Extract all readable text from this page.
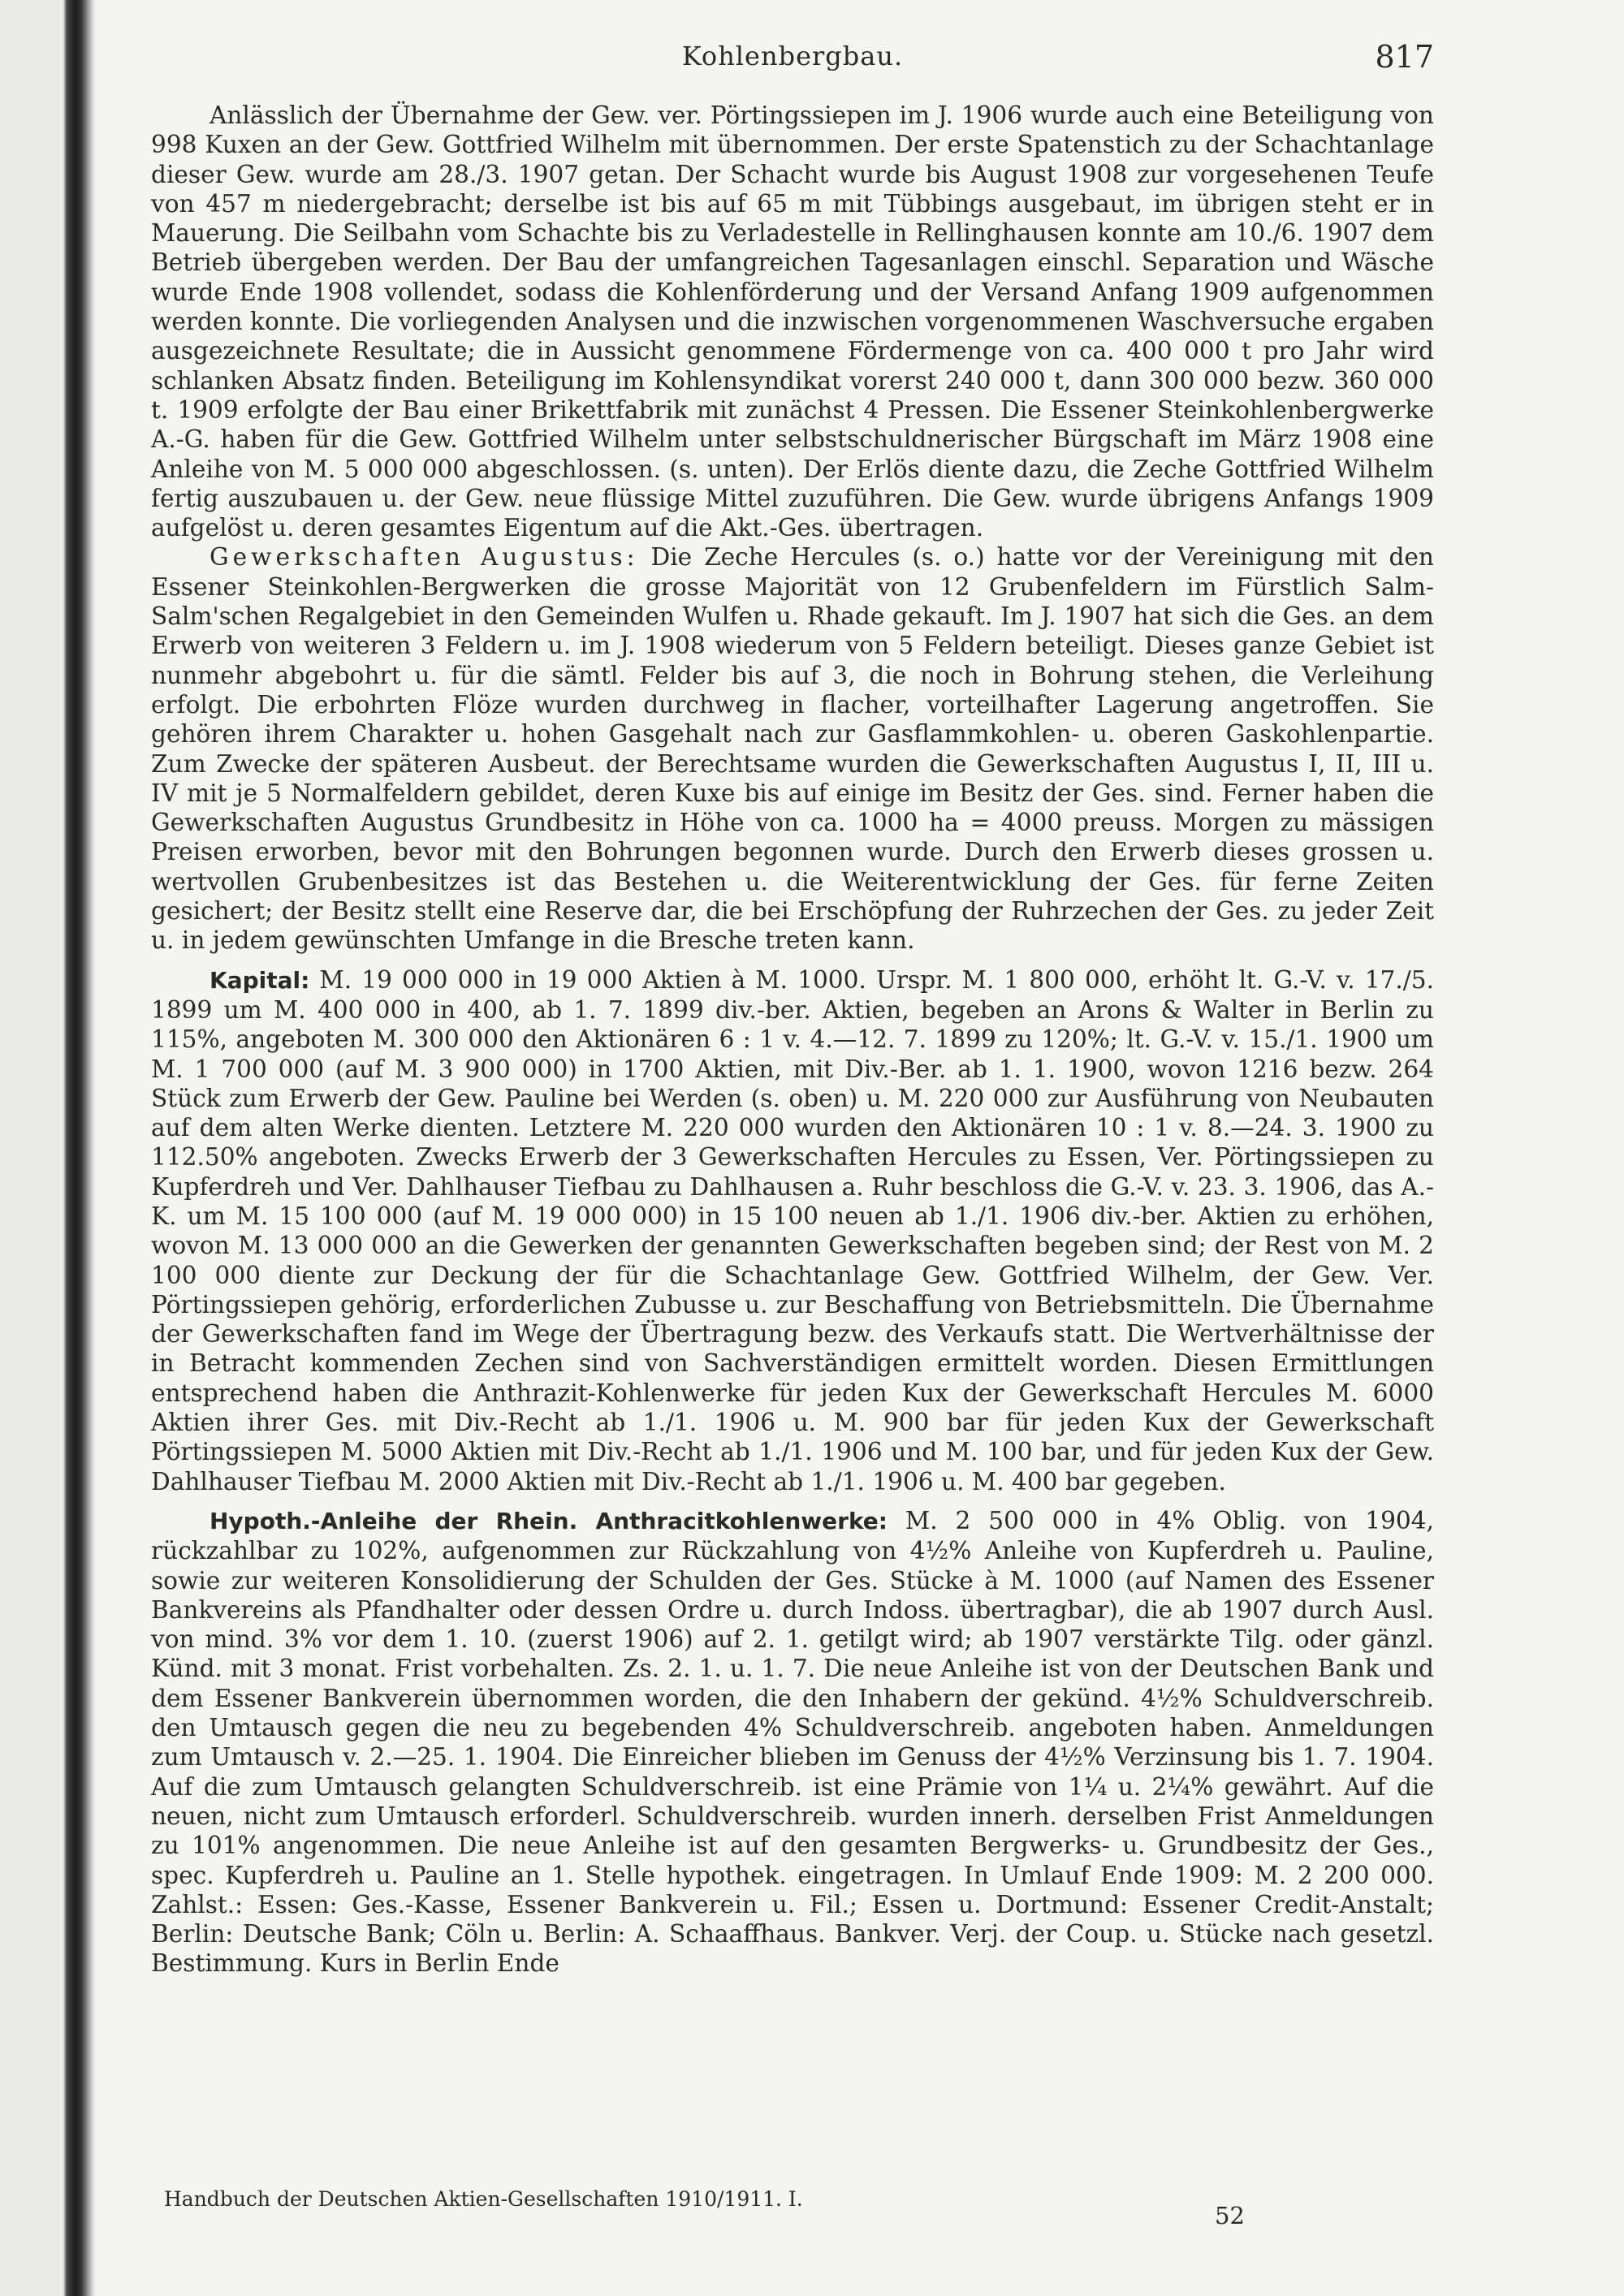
Kohlenbergbau.	817

Anlässlich der Übernahme der Gew. ver. Pörtingssiepen im J. 1906 wurde auch eine Beteiligung von 998 Kuxen an der Gew. Gottfried Wilhelm mit übernommen. Der erste Spatenstich zu der Schachtanlage dieser Gew. wurde am 28./3. 1907 getan. Der Schacht wurde bis August 1908 zur vorgesehenen Teufe von 457 m niedergebracht; derselbe ist bis auf 65 m mit Tübbings ausgebaut, im übrigen steht er in Mauerung. Die Seilbahn vom Schachte bis zu Verladestelle in Rellinghausen konnte am 10./6. 1907 dem Betrieb übergeben werden. Der Bau der umfangreichen Tagesanlagen einschl. Separation und Wäsche wurde Ende 1908 vollendet, sodass die Kohlenförderung und der Versand Anfang 1909 aufgenommen werden konnte. Die vorliegenden Analysen und die inzwischen vorgenommenen Waschversuche ergaben ausgezeichnete Resultate; die in Aussicht genommene Fördermenge von ca. 400 000 t pro Jahr wird schlanken Absatz finden. Beteiligung im Kohlensyndikat vorerst 240 000 t, dann 300 000 bezw. 360 000 t. 1909 erfolgte der Bau einer Brikettfabrik mit zunächst 4 Pressen. Die Essener Steinkohlenbergwerke A.-G. haben für die Gew. Gottfried Wilhelm unter selbstschuldnerischer Bürgschaft im März 1908 eine Anleihe von M. 5 000 000 abgeschlossen. (s. unten). Der Erlös diente dazu, die Zeche Gottfried Wilhelm fertig auszubauen u. der Gew. neue flüssige Mittel zuzuführen. Die Gew. wurde übrigens Anfangs 1909 aufgelöst u. deren gesamtes Eigentum auf die Akt.-Ges. übertragen.

Gewerkschaften Augustus: Die Zeche Hercules (s. o.) hatte vor der Vereinigung mit den Essener Steinkohlen-Bergwerken die grosse Majorität von 12 Grubenfeldern im Fürstlich Salm-Salm'schen Regalgebiet in den Gemeinden Wulfen u. Rhade gekauft. Im J. 1907 hat sich die Ges. an dem Erwerb von weiteren 3 Feldern u. im J. 1908 wiederum von 5 Feldern beteiligt. Dieses ganze Gebiet ist nunmehr abgebohrt u. für die sämtl. Felder bis auf 3, die noch in Bohrung stehen, die Verleihung erfolgt. Die erbohrten Flöze wurden durchweg in flacher, vorteilhafter Lagerung angetroffen. Sie gehören ihrem Charakter u. hohen Gasgehalt nach zur Gasflammkohlen- u. oberen Gaskohlenpartie. Zum Zwecke der späteren Ausbeut. der Berechtsame wurden die Gewerkschaften Augustus I, II, III u. IV mit je 5 Normalfeldern gebildet, deren Kuxe bis auf einige im Besitz der Ges. sind. Ferner haben die Gewerkschaften Augustus Grundbesitz in Höhe von ca. 1000 ha = 4000 preuss. Morgen zu mässigen Preisen erworben, bevor mit den Bohrungen begonnen wurde. Durch den Erwerb dieses grossen u. wertvollen Grubenbesitzes ist das Bestehen u. die Weiterentwicklung der Ges. für ferne Zeiten gesichert; der Besitz stellt eine Reserve dar, die bei Erschöpfung der Ruhrzechen der Ges. zu jeder Zeit u. in jedem gewünschten Umfange in die Bresche treten kann.

Kapital: M. 19 000 000 in 19 000 Aktien à M. 1000. Urspr. M. 1 800 000, erhöht lt. G.-V. v. 17./5. 1899 um M. 400 000 in 400, ab 1. 7. 1899 div.-ber. Aktien, begeben an Arons & Walter in Berlin zu 115%, angeboten M. 300 000 den Aktionären 6 : 1 v. 4.—12. 7. 1899 zu 120%; lt. G.-V. v. 15./1. 1900 um M. 1 700 000 (auf M. 3 900 000) in 1700 Aktien, mit Div.-Ber. ab 1. 1. 1900, wovon 1216 bezw. 264 Stück zum Erwerb der Gew. Pauline bei Werden (s. oben) u. M. 220 000 zur Ausführung von Neubauten auf dem alten Werke dienten. Letztere M. 220 000 wurden den Aktionären 10 : 1 v. 8.—24. 3. 1900 zu 112.50% angeboten. Zwecks Erwerb der 3 Gewerkschaften Hercules zu Essen, Ver. Pörtingssiepen zu Kupferdreh und Ver. Dahlhauser Tiefbau zu Dahlhausen a. Ruhr beschloss die G.-V. v. 23. 3. 1906, das A.-K. um M. 15 100 000 (auf M. 19 000 000) in 15 100 neuen ab 1./1. 1906 div.-ber. Aktien zu erhöhen, wovon M. 13 000 000 an die Gewerken der genannten Gewerkschaften begeben sind; der Rest von M. 2 100 000 diente zur Deckung der für die Schachtanlage Gew. Gottfried Wilhelm, der Gew. Ver. Pörtingssiepen gehörig, erforderlichen Zubusse u. zur Beschaffung von Betriebsmitteln. Die Übernahme der Gewerkschaften fand im Wege der Übertragung bezw. des Verkaufs statt. Die Wertverhältnisse der in Betracht kommenden Zechen sind von Sachverständigen ermittelt worden. Diesen Ermittlungen entsprechend haben die Anthrazit-Kohlenwerke für jeden Kux der Gewerkschaft Hercules M. 6000 Aktien ihrer Ges. mit Div.-Recht ab 1./1. 1906 u. M. 900 bar für jeden Kux der Gewerkschaft Pörtingssiepen M. 5000 Aktien mit Div.-Recht ab 1./1. 1906 und M. 100 bar, und für jeden Kux der Gew. Dahlhauser Tiefbau M. 2000 Aktien mit Div.-Recht ab 1./1. 1906 u. M. 400 bar gegeben.

Hypoth.-Anleihe der Rhein. Anthracitkohlenwerke: M. 2 500 000 in 4% Oblig. von 1904, rückzahlbar zu 102%, aufgenommen zur Rückzahlung von 4½% Anleihe von Kupferdreh u. Pauline, sowie zur weiteren Konsolidierung der Schulden der Ges. Stücke à M. 1000 (auf Namen des Essener Bankvereins als Pfandhalter oder dessen Ordre u. durch Indoss. übertragbar), die ab 1907 durch Ausl. von mind. 3% vor dem 1. 10. (zuerst 1906) auf 2. 1. getilgt wird; ab 1907 verstärkte Tilg. oder gänzl. Künd. mit 3 monat. Frist vorbehalten. Zs. 2. 1. u. 1. 7. Die neue Anleihe ist von der Deutschen Bank und dem Essener Bankverein übernommen worden, die den Inhabern der gekünd. 4½% Schuldverschreib. den Umtausch gegen die neu zu begebenden 4% Schuldverschreib. angeboten haben. Anmeldungen zum Umtausch v. 2.—25. 1. 1904. Die Einreicher blieben im Genuss der 4½% Verzinsung bis 1. 7. 1904. Auf die zum Umtausch gelangten Schuldverschreib. ist eine Prämie von 1¼ u. 2¼% gewährt. Auf die neuen, nicht zum Umtausch erforderl. Schuldverschreib. wurden innerh. derselben Frist Anmeldungen zu 101% angenommen. Die neue Anleihe ist auf den gesamten Bergwerks- u. Grundbesitz der Ges., spec. Kupferdreh u. Pauline an 1. Stelle hypothek. eingetragen. In Umlauf Ende 1909: M. 2 200 000. Zahlst.: Essen: Ges.-Kasse, Essener Bankverein u. Fil.; Essen u. Dortmund: Essener Credit-Anstalt; Berlin: Deutsche Bank; Cöln u. Berlin: A. Schaaffhaus. Bankver. Verj. der Coup. u. Stücke nach gesetzl. Bestimmung. Kurs in Berlin Ende

Handbuch der Deutschen Aktien-Gesellschaften 1910/1911. I.
52
